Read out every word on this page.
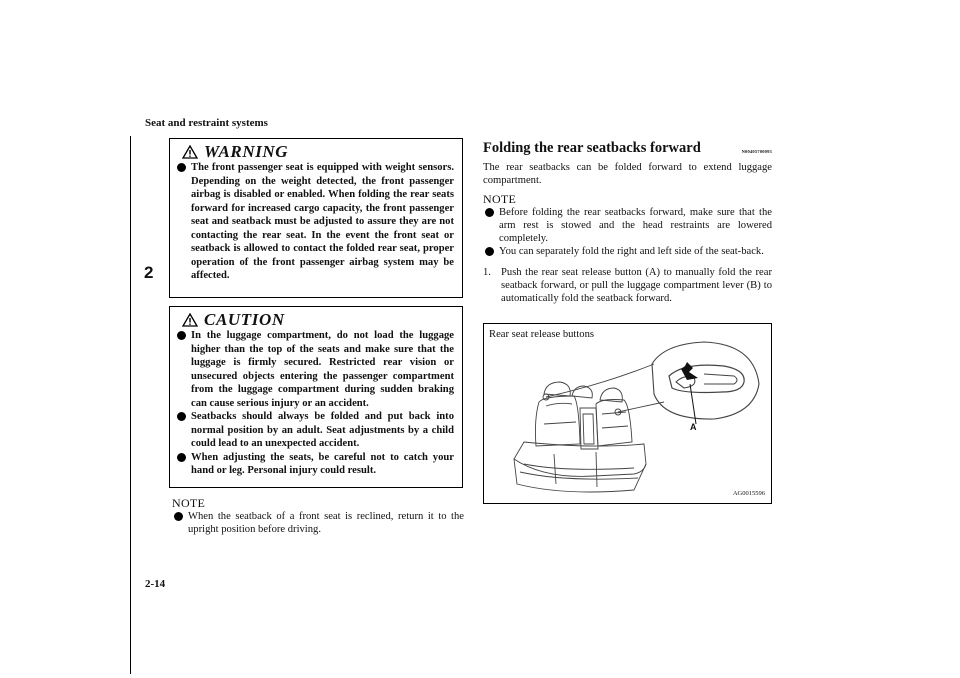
Seat and restraint systems
2
2-14
WARNING
The front passenger seat is equipped with weight sensors. Depending on the weight detected, the front passenger airbag is disabled or enabled. When folding the rear seats forward for increased cargo capacity, the front passenger seat and seatback must be adjusted to assure they are not contacting the rear seat. In the event the front seat or seatback is allowed to contact the folded rear seat, proper operation of the front passenger airbag system may be affected.
CAUTION
In the luggage compartment, do not load the luggage higher than the top of the seats and make sure that the luggage is firmly secured. Restricted rear vision or unsecured objects entering the passenger compartment from the luggage compartment during sudden braking can cause serious injury or an accident.
Seatbacks should always be folded and put back into normal position by an adult. Seat adjustments by a child could lead to an unexpected accident.
When adjusting the seats, be careful not to catch your hand or leg. Personal injury could result.
NOTE
When the seatback of a front seat is reclined, return it to the upright position before driving.
Folding the rear seatbacks forward	N00405700093
The rear seatbacks can be folded forward to extend luggage compartment.
NOTE
Before folding the rear seatbacks forward, make sure that the arm rest is stowed and the head restraints are lowered completely.
You can separately fold the right and left side of the seat-back.
1. Push the rear seat release button (A) to manually fold the rear seatback forward, or pull the luggage compartment lever (B) to automatically fold the seatback forward.
Rear seat release buttons
A
AG0015596
